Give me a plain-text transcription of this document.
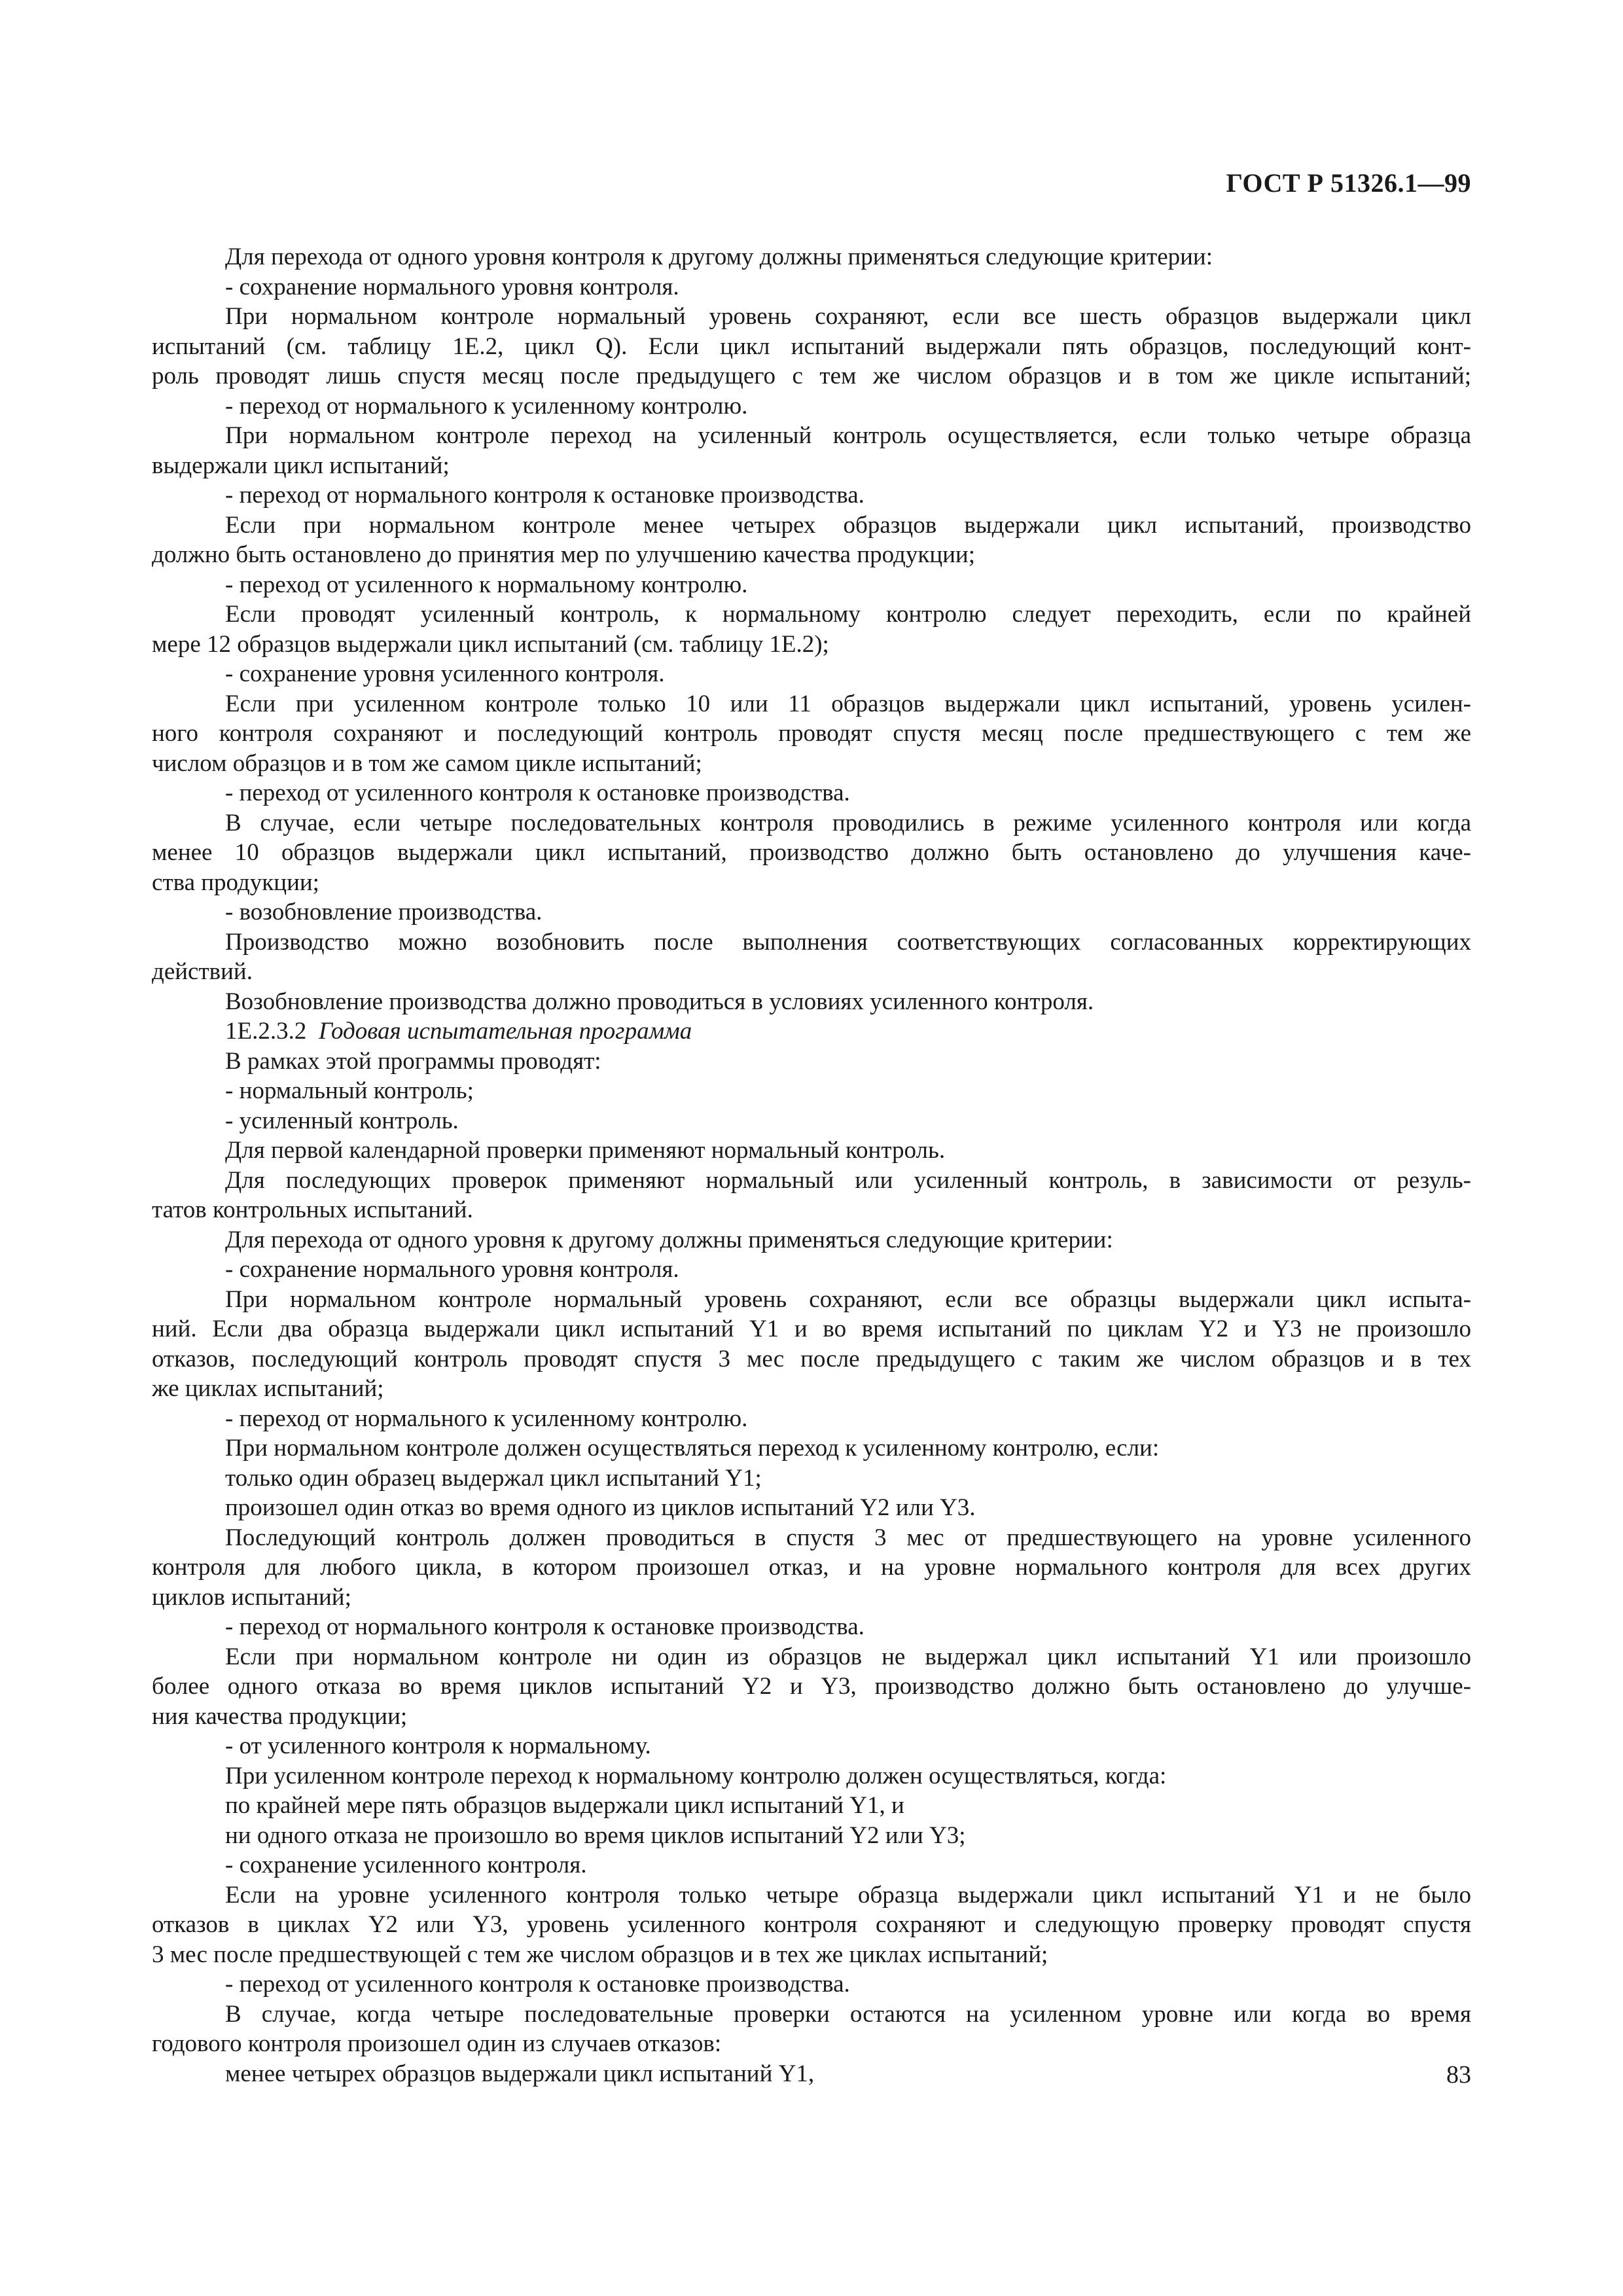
ГОСТ Р 51326.1—99
Для перехода от одного уровня контроля к другому должны применяться следующие критерии:
- сохранение нормального уровня контроля.
При нормальном контроле нормальный уровень сохраняют, если все шесть образцов выдержали цикл
испытаний (см. таблицу 1Е.2, цикл Q). Если цикл испытаний выдержали пять образцов, последующий конт-
роль проводят лишь спустя месяц после предыдущего с тем же числом образцов и в том же цикле испытаний;
- переход от нормального к усиленному контролю.
При нормальном контроле переход на усиленный контроль осуществляется, если только четыре образца
выдержали цикл испытаний;
- переход от нормального контроля к остановке производства.
Если при нормальном контроле менее четырех образцов выдержали цикл испытаний, производство
должно быть остановлено до принятия мер по улучшению качества продукции;
- переход от усиленного к нормальному контролю.
Если проводят усиленный контроль, к нормальному контролю следует переходить, если по крайней
мере 12 образцов выдержали цикл испытаний (см. таблицу 1Е.2);
- сохранение уровня усиленного контроля.
Если при усиленном контроле только 10 или 11 образцов выдержали цикл испытаний, уровень усилен-
ного контроля сохраняют и последующий контроль проводят спустя месяц после предшествующего с тем же
числом образцов и в том же самом цикле испытаний;
- переход от усиленного контроля к остановке производства.
В случае, если четыре последовательных контроля проводились в режиме усиленного контроля или когда
менее 10 образцов выдержали цикл испытаний, производство должно быть остановлено до улучшения каче-
ства продукции;
- возобновление производства.
Производство можно возобновить после выполнения соответствующих согласованных корректирующих
действий.
Возобновление производства должно проводиться в условиях усиленного контроля.
1Е.2.3.2 Годовая испытательная программа
В рамках этой программы проводят:
- нормальный контроль;
- усиленный контроль.
Для первой календарной проверки применяют нормальный контроль.
Для последующих проверок применяют нормальный или усиленный контроль, в зависимости от резуль-
татов контрольных испытаний.
Для перехода от одного уровня к другому должны применяться следующие критерии:
- сохранение нормального уровня контроля.
При нормальном контроле нормальный уровень сохраняют, если все образцы выдержали цикл испыта-
ний. Если два образца выдержали цикл испытаний Y1 и во время испытаний по циклам Y2 и Y3 не произошло
отказов, последующий контроль проводят спустя 3 мес после предыдущего с таким же числом образцов и в тех
же циклах испытаний;
- переход от нормального к усиленному контролю.
При нормальном контроле должен осуществляться переход к усиленному контролю, если:
только один образец выдержал цикл испытаний Y1;
произошел один отказ во время одного из циклов испытаний Y2 или Y3.
Последующий контроль должен проводиться в спустя 3 мес от предшествующего на уровне усиленного
контроля для любого цикла, в котором произошел отказ, и на уровне нормального контроля для всех других
циклов испытаний;
- переход от нормального контроля к остановке производства.
Если при нормальном контроле ни один из образцов не выдержал цикл испытаний Y1 или произошло
более одного отказа во время циклов испытаний Y2 и Y3, производство должно быть остановлено до улучше-
ния качества продукции;
- от усиленного контроля к нормальному.
При усиленном контроле переход к нормальному контролю должен осуществляться, когда:
по крайней мере пять образцов выдержали цикл испытаний Y1, и
ни одного отказа не произошло во время циклов испытаний Y2 или Y3;
- сохранение усиленного контроля.
Если на уровне усиленного контроля только четыре образца выдержали цикл испытаний Y1 и не было
отказов в циклах Y2 или Y3, уровень усиленного контроля сохраняют и следующую проверку проводят спустя
3 мес после предшествующей с тем же числом образцов и в тех же циклах испытаний;
- переход от усиленного контроля к остановке производства.
В случае, когда четыре последовательные проверки остаются на усиленном уровне или когда во время
годового контроля произошел один из случаев отказов:
менее четырех образцов выдержали цикл испытаний Y1,	83
